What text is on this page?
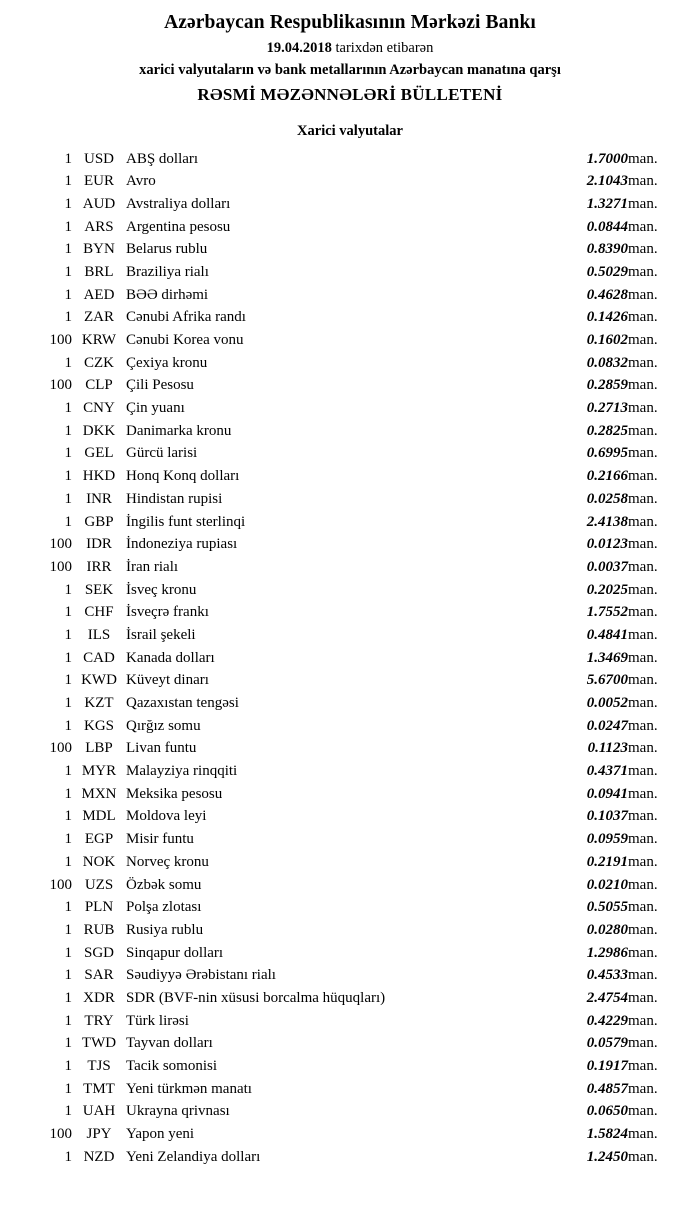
Azərbaycan Respublikasının Mərkəzi Bankı
19.04.2018 tarixdən etibarən
xarici valyutaların və bank metallarının Azərbaycan manatına qarşı
RƏSMİ MƏZƏNNƏLƏRİ BÜLLETENİ
Xarici valyutalar
1	USD	ABŞ dolları	1.7000	man.
1	EUR	Avro	2.1043	man.
1	AUD	Avstraliya dolları	1.3271	man.
1	ARS	Argentina pesosu	0.0844	man.
1	BYN	Belarus rublu	0.8390	man.
1	BRL	Braziliya rialı	0.5029	man.
1	AED	BƏƏ dirhəmi	0.4628	man.
1	ZAR	Cənubi Afrika randı	0.1426	man.
100	KRW	Cənubi Korea vonu	0.1602	man.
1	CZK	Çexiya kronu	0.0832	man.
100	CLP	Çili Pesosu	0.2859	man.
1	CNY	Çin yuanı	0.2713	man.
1	DKK	Danimarka kronu	0.2825	man.
1	GEL	Gürcü larisi	0.6995	man.
1	HKD	Honq Konq dolları	0.2166	man.
1	INR	Hindistan rupisi	0.0258	man.
1	GBP	İngilis funt sterlinqi	2.4138	man.
100	IDR	İndoneziya rupiası	0.0123	man.
100	IRR	İran rialı	0.0037	man.
1	SEK	İsveç kronu	0.2025	man.
1	CHF	İsveçrə frankı	1.7552	man.
1	ILS	İsrail şekeli	0.4841	man.
1	CAD	Kanada dolları	1.3469	man.
1	KWD	Küveyt dinarı	5.6700	man.
1	KZT	Qazaxıstan tengəsi	0.0052	man.
1	KGS	Qırğız somu	0.0247	man.
100	LBP	Livan funtu	0.1123	man.
1	MYR	Malayziya rinqqiti	0.4371	man.
1	MXN	Meksika pesosu	0.0941	man.
1	MDL	Moldova leyi	0.1037	man.
1	EGP	Misir funtu	0.0959	man.
1	NOK	Norveç kronu	0.2191	man.
100	UZS	Özbək somu	0.0210	man.
1	PLN	Polşa zlotası	0.5055	man.
1	RUB	Rusiya rublu	0.0280	man.
1	SGD	Sinqapur dolları	1.2986	man.
1	SAR	Səudiyyə Ərəbistanı rialı	0.4533	man.
1	XDR	SDR (BVF-nin xüsusi borcalma hüquqları)	2.4754	man.
1	TRY	Türk lirəsi	0.4229	man.
1	TWD	Tayvan dolları	0.0579	man.
1	TJS	Tacik somonisi	0.1917	man.
1	TMT	Yeni türkmən manatı	0.4857	man.
1	UAH	Ukrayna qrivnası	0.0650	man.
100	JPY	Yapon yeni	1.5824	man.
1	NZD	Yeni Zelandiya dolları	1.2450	man.
